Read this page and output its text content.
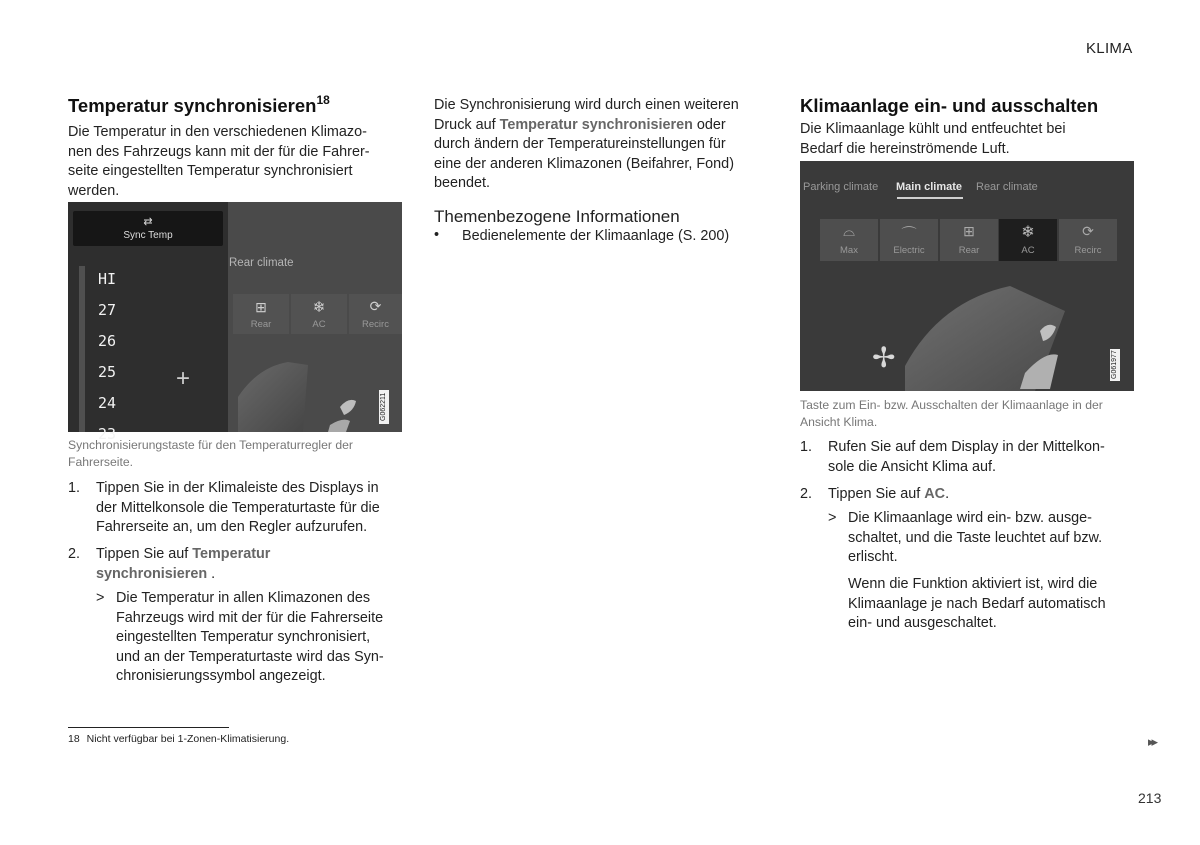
KLIMA
Temperatur synchronisieren$^{18}$
Die Temperatur in den verschiedenen Klimazo-
nen des Fahrzeugs kann mit der für die Fahrer-
seite eingestellten Temperatur synchronisiert
werden.
⇄
Sync Temp
HI
27
26
25
24
23
+
Rear climate
⊞
Rear
❄
AC
⟳
Recirc
G062211
Synchronisierungstaste für den Temperaturregler der
Fahrerseite.
1. Tippen Sie in der Klimaleiste des Displays in
der Mittelkonsole die Temperaturtaste für die
Fahrerseite an, um den Regler aufzurufen.
2. Tippen Sie auf Temperatur
synchronisieren .
> Die Temperatur in allen Klimazonen des
Fahrzeugs wird mit der für die Fahrerseite
eingestellten Temperatur synchronisiert,
und an der Temperaturtaste wird das Syn-
chronisierungssymbol angezeigt.
Die Synchronisierung wird durch einen weiteren
Druck auf Temperatur synchronisieren oder
durch ändern der Temperatureinstellungen für
eine der anderen Klimazonen (Beifahrer, Fond)
beendet.
Themenbezogene Informationen
• Bedienelemente der Klimaanlage (S. 200)
Klimaanlage ein- und ausschalten
Die Klimaanlage kühlt und entfeuchtet bei
Bedarf die hereinströmende Luft.
Parking climate Main climate Rear climate
⌓
Max
⌒
Electric
⊞
Rear
❄
AC
⟳
Recirc
✢	G061977
Taste zum Ein- bzw. Ausschalten der Klimaanlage in der
Ansicht Klima.
1. Rufen Sie auf dem Display in der Mittelkon-
sole die Ansicht Klima auf.
2. Tippen Sie auf AC.
> Die Klimaanlage wird ein- bzw. ausge-
schaltet, und die Taste leuchtet auf bzw.
erlischt.
Wenn die Funktion aktiviert ist, wird die
Klimaanlage je nach Bedarf automatisch
ein- und ausgeschaltet.
18 Nicht verfügbar bei 1-Zonen-Klimatisierung.	▸▸
213
